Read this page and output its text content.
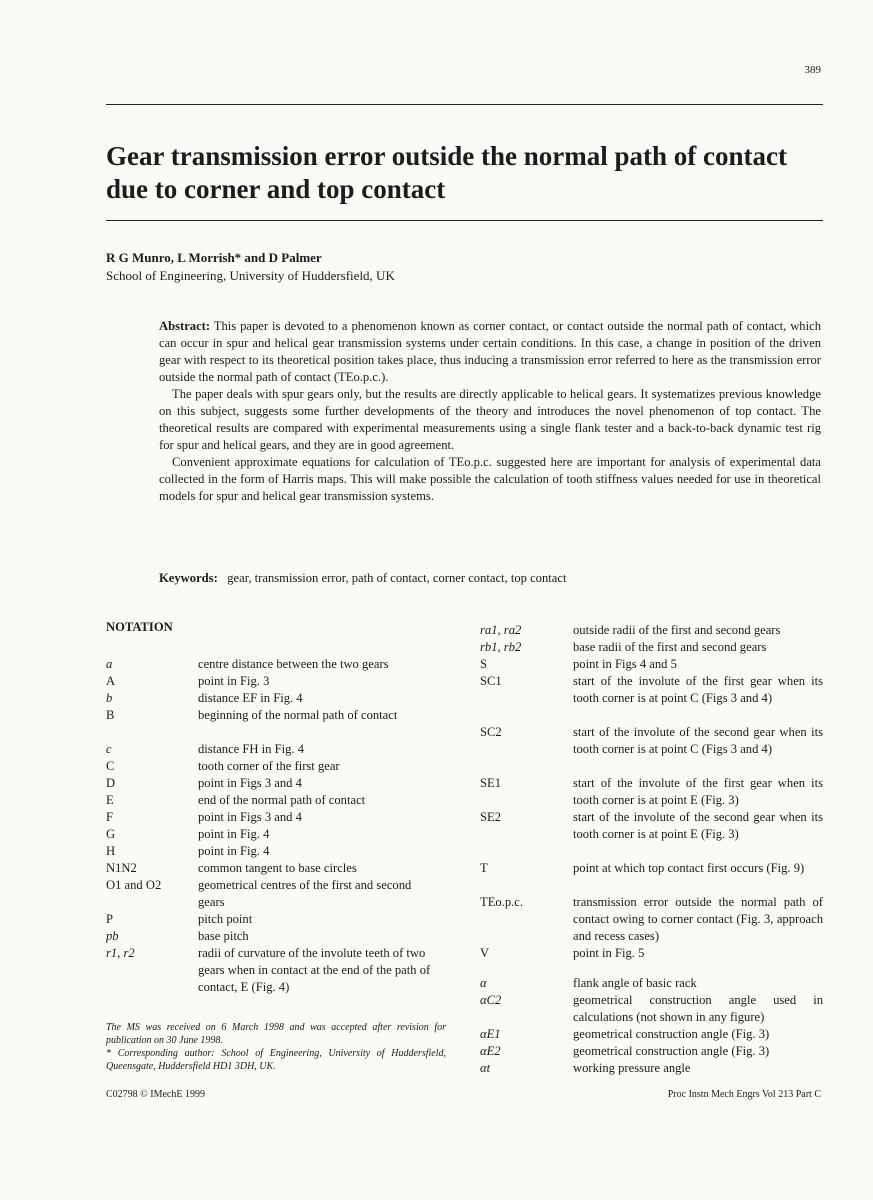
389
Gear transmission error outside the normal path of contact due to corner and top contact
R G Munro, L Morrish* and D Palmer
School of Engineering, University of Huddersfield, UK

Abstract: This paper is devoted to a phenomenon known as corner contact, or contact outside the normal path of contact, which can occur in spur and helical gear transmission systems under certain conditions. In this case, a change in position of the driven gear with respect to its theoretical position takes place, thus inducing a transmission error referred to here as the transmission error outside the normal path of contact (TEo.p.c.).

The paper deals with spur gears only, but the results are directly applicable to helical gears. It systematizes previous knowledge on this subject, suggests some further developments of the theory and introduces the novel phenomenon of top contact. The theoretical results are compared with experimental measurements using a single flank tester and a back-to-back dynamic test rig for spur and helical gears, and they are in good agreement.

Convenient approximate equations for calculation of TEo.p.c. suggested here are important for analysis of experimental data collected in the form of Harris maps. This will make possible the calculation of tooth stiffness values needed for use in theoretical models for spur and helical gear transmission systems.

Keywords: gear, transmission error, path of contact, corner contact, top contact
NOTATION
a	centre distance between the two gears
A	point in Fig. 3
b	distance EF in Fig. 4
B	beginning of the normal path of contact
c	distance FH in Fig. 4
C	tooth corner of the first gear
D	point in Figs 3 and 4
E	end of the normal path of contact
F	point in Figs 3 and 4
G	point in Fig. 4
H	point in Fig. 4
N1N2	common tangent to base circles
O1 and O2	geometrical centres of the first and second gears
P	pitch point
pb	base pitch
r1, r2	radii of curvature of the involute teeth of two gears when in contact at the end of the path of contact, E (Fig. 4)
ra1, ra2	outside radii of the first and second gears
rb1, rb2	base radii of the first and second gears
S	point in Figs 4 and 5
SC1	start of the involute of the first gear when its tooth corner is at point C (Figs 3 and 4)
SC2	start of the involute of the second gear when its tooth corner is at point C (Figs 3 and 4)
SE1	start of the involute of the first gear when its tooth corner is at point E (Fig. 3)
SE2	start of the involute of the second gear when its tooth corner is at point E (Fig. 3)
T	point at which top contact first occurs (Fig. 9)
TEo.p.c.	transmission error outside the normal path of contact owing to corner contact (Fig. 3, approach and recess cases)
V	point in Fig. 5
α	flank angle of basic rack
αC2	geometrical construction angle used in calculations (not shown in any figure)
αE1	geometrical construction angle (Fig. 3)
αE2	geometrical construction angle (Fig. 3)
αt	working pressure angle
The MS was received on 6 March 1998 and was accepted after revision for publication on 30 June 1998.
* Corresponding author: School of Engineering, University of Huddersfield, Queensgate, Huddersfield HD1 3DH, UK.
C02798 © IMechE 1999	Proc Instn Mech Engrs Vol 213 Part C
